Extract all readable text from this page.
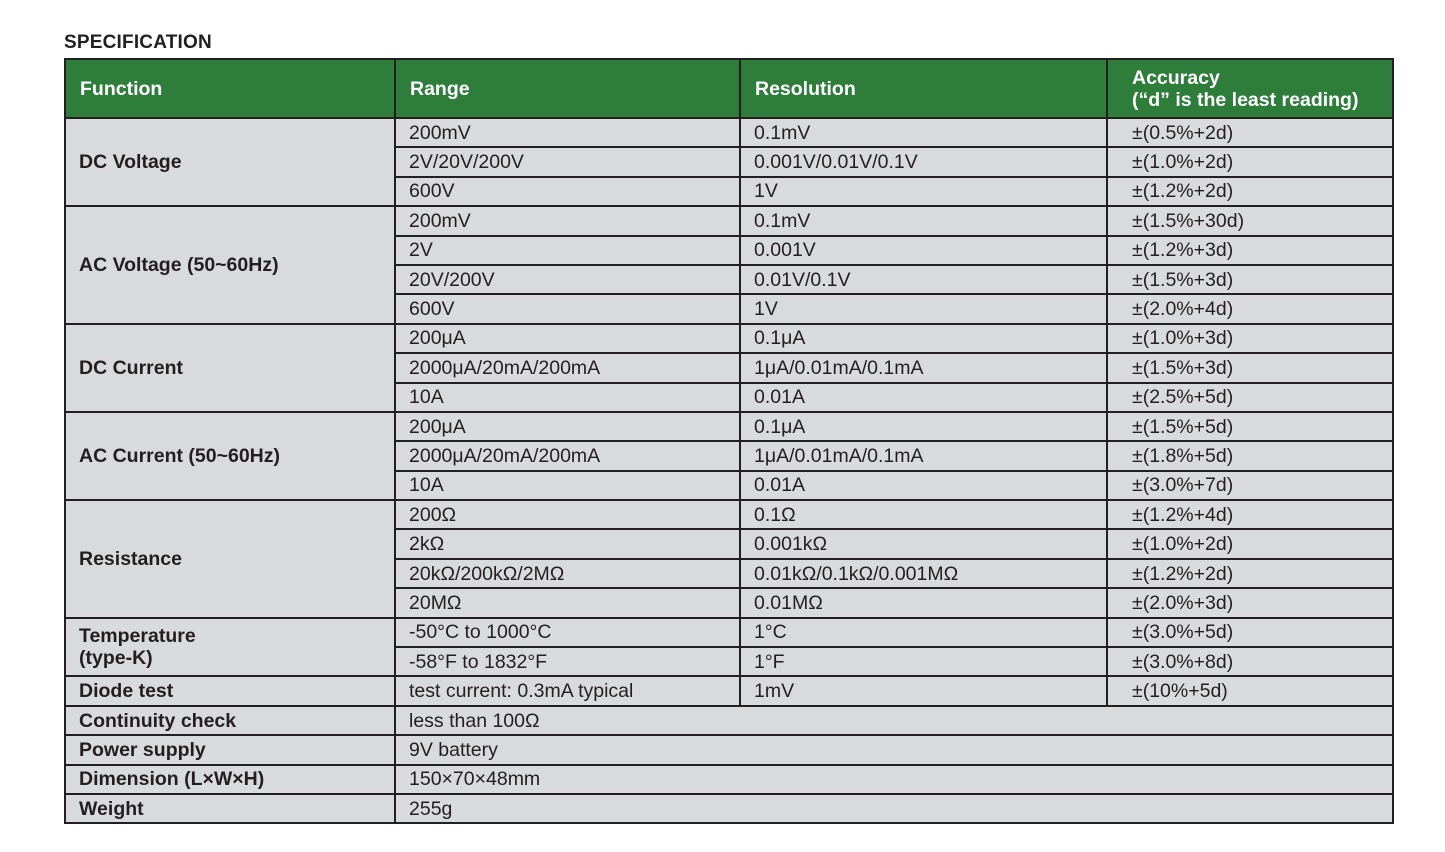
SPECIFICATION
Function	Range	Resolution	Accuracy
(“d” is the least reading)

DC Voltage	200mV	0.1mV	±(0.5%+2d)
	2V/20V/200V	0.001V/0.01V/0.1V	±(1.0%+2d)
	600V	1V	±(1.2%+2d)
AC Voltage (50~60Hz)	200mV	0.1mV	±(1.5%+30d)
	2V	0.001V	±(1.2%+3d)
	20V/200V	0.01V/0.1V	±(1.5%+3d)
	600V	1V	±(2.0%+4d)
DC Current	200μA	0.1μA	±(1.0%+3d)
	2000μA/20mA/200mA	1μA/0.01mA/0.1mA	±(1.5%+3d)
	10A	0.01A	±(2.5%+5d)
AC Current (50~60Hz)	200μA	0.1μA	±(1.5%+5d)
	2000μA/20mA/200mA	1μA/0.01mA/0.1mA	±(1.8%+5d)
	10A	0.01A	±(3.0%+7d)
Resistance	200Ω	0.1Ω	±(1.2%+4d)
	2kΩ	0.001kΩ	±(1.0%+2d)
	20kΩ/200kΩ/2MΩ	0.01kΩ/0.1kΩ/0.001MΩ	±(1.2%+2d)
	20MΩ	0.01MΩ	±(2.0%+3d)

Temperature
(type-K)	-50°C to 1000°C	1°C	±(3.0%+5d)
	-58°F to 1832°F	1°F	±(3.0%+8d)
Diode test	test current: 0.3mA typical	1mV	±(10%+5d)
Continuity check	less than 100Ω		
Power supply	9V battery		
Dimension (L×W×H)	150×70×48mm		
Weight	255g		
